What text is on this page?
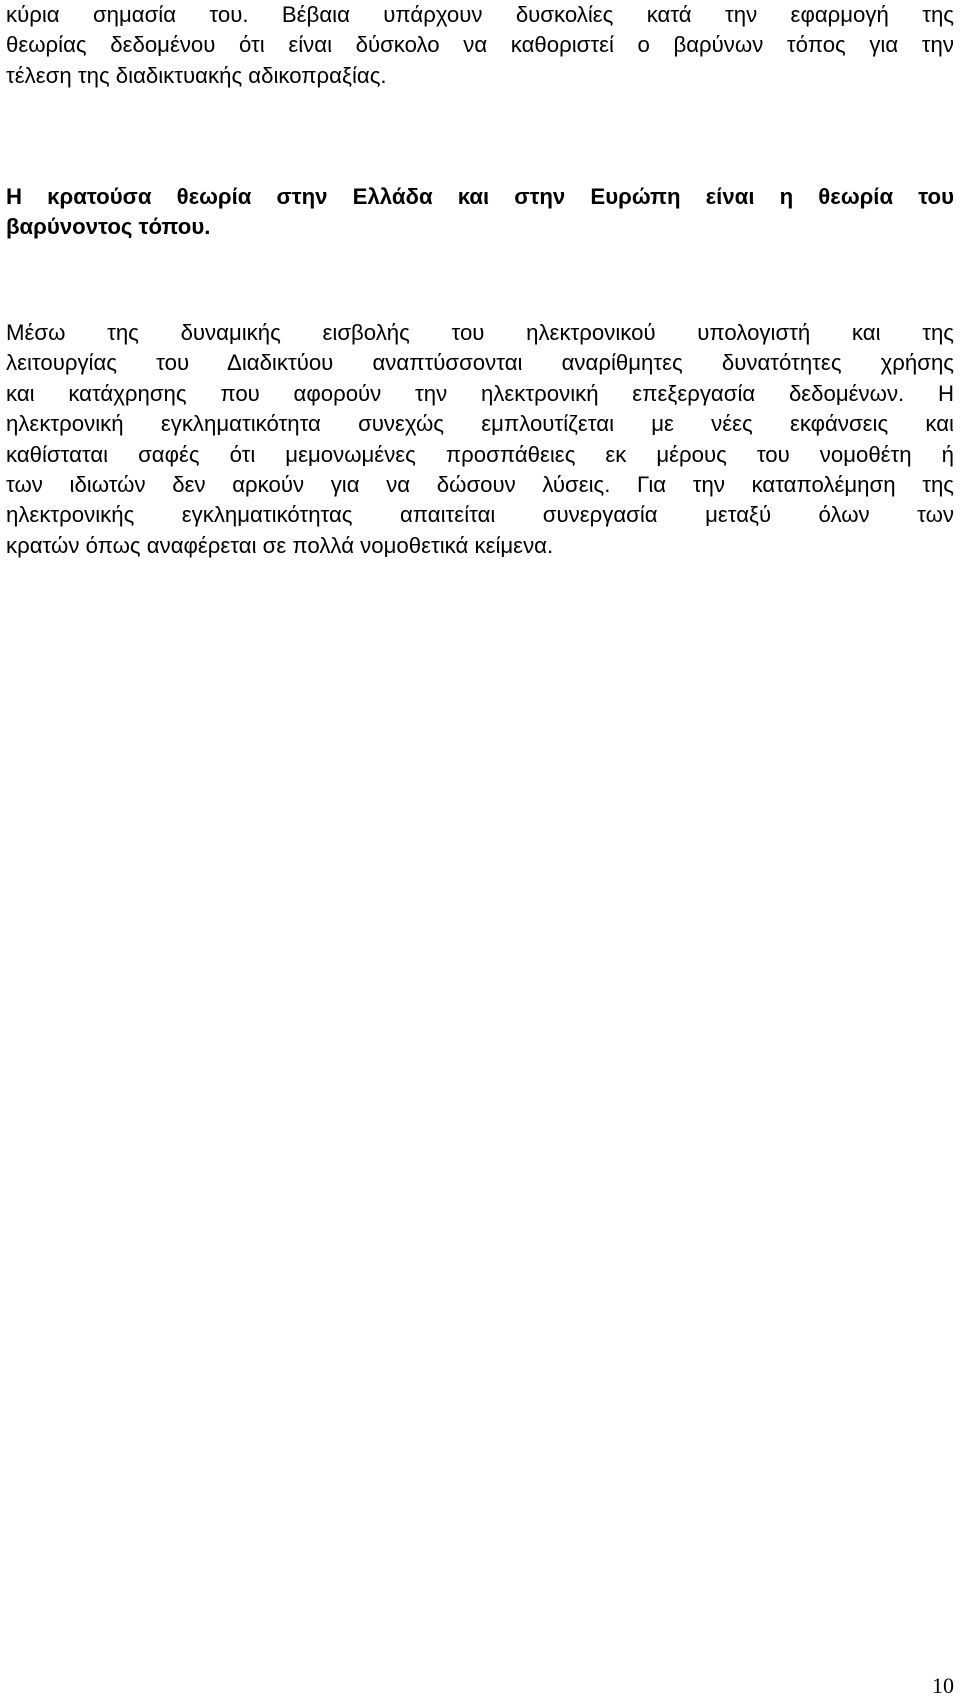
κύρια σημασία του. Βέβαια υπάρχουν δυσκολίες κατά την εφαρμογή της
θεωρίας δεδομένου ότι είναι δύσκολο να καθοριστεί ο βαρύνων τόπος για την
τέλεση της διαδικτυακής αδικοπραξίας.
Η κρατούσα θεωρία στην Ελλάδα και στην Ευρώπη είναι η θεωρία του
βαρύνοντος τόπου.
Μέσω της δυναμικής εισβολής του ηλεκτρονικού υπολογιστή και της
λειτουργίας του Διαδικτύου αναπτύσσονται αναρίθμητες δυνατότητες χρήσης
και κατάχρησης που αφορούν την ηλεκτρονική επεξεργασία δεδομένων. Η
ηλεκτρονική εγκληματικότητα συνεχώς εμπλουτίζεται με νέες εκφάνσεις και
καθίσταται σαφές ότι μεμονωμένες προσπάθειες εκ μέρους του νομοθέτη ή
των ιδιωτών δεν αρκούν για να δώσουν λύσεις. Για την καταπολέμηση της
ηλεκτρονικής εγκληματικότητας απαιτείται συνεργασία μεταξύ όλων των
κρατών όπως αναφέρεται σε πολλά νομοθετικά κείμενα.
10
